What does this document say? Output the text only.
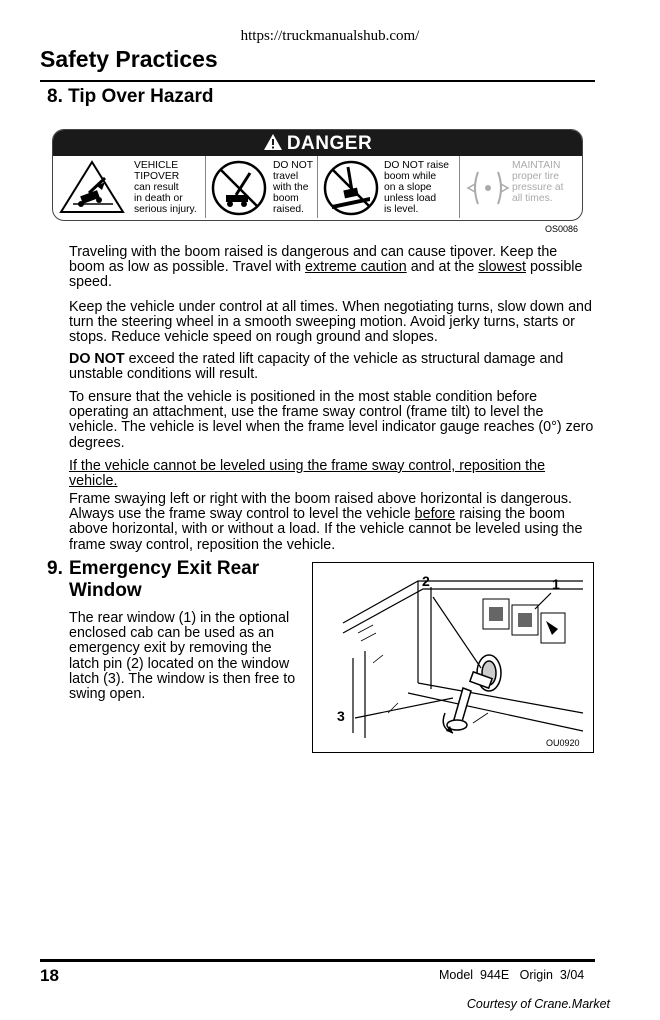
https://truckmanualshub.com/
Safety Practices
8. Tip Over Hazard
DANGER
VEHICLE
TIPOVER
can result
in death or
serious injury.
DO NOT
travel
with the
boom
raised.
DO NOT raise
boom while
on a slope
unless load
is level.
MAINTAIN
proper tire
pressure at
all times.
OS0086
Traveling with the boom raised is dangerous and can cause tipover. Keep the boom as low as possible. Travel with extreme caution and at the slowest possible speed.
Keep the vehicle under control at all times. When negotiating turns, slow down and turn the steering wheel in a smooth sweeping motion. Avoid jerky turns, starts or stops. Reduce vehicle speed on rough ground and slopes.
DO NOT exceed the rated lift capacity of the vehicle as structural damage and unstable conditions will result.
To ensure that the vehicle is positioned in the most stable condition before operating an attachment, use the frame sway control (frame tilt) to level the vehicle. The vehicle is level when the frame level indicator gauge reaches (0°) zero degrees.
If the vehicle cannot be leveled using the frame sway control, reposition the vehicle.
Frame swaying left or right with the boom raised above horizontal is dangerous. Always use the frame sway control to level the vehicle before raising the boom above horizontal, with or without a load. If the vehicle cannot be leveled using the frame sway control, reposition the vehicle.
9. Emergency Exit Rear
Window
The rear window (1) in the optional enclosed cab can be used as an emergency exit by removing the latch pin (2) located on the window latch (3). The window is then free to swing open.
2	1
3
OU0920
18	Model  944E   Origin  3/04
Courtesy of Crane.Market
